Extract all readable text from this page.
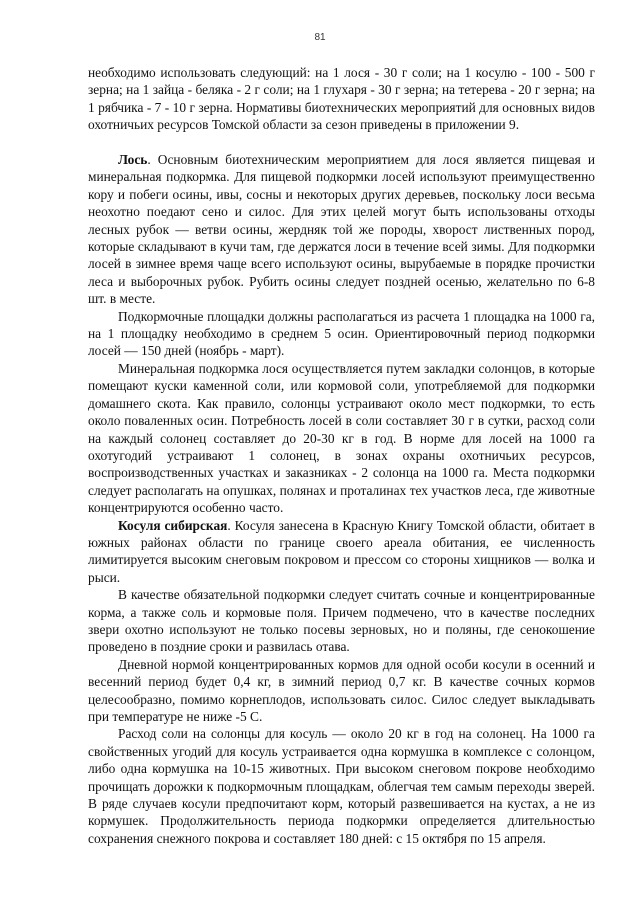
81

необходимо использовать следующий: на 1 лося - 30 г соли; на 1 косулю - 100 - 500 г зерна; на 1 зайца - беляка - 2 г соли; на 1 глухаря - 30 г зерна; на тетерева - 20 г зерна; на 1 рябчика - 7 - 10 г зерна. Нормативы биотехнических мероприятий для основных видов охотничьих ресурсов Томской области за сезон приведены в приложении 9.

Лось. Основным биотехническим мероприятием для лося является пищевая и минеральная подкормка. Для пищевой подкормки лосей используют преимущественно кору и побеги осины, ивы, сосны и некоторых других деревьев, поскольку лоси весьма неохотно поедают сено и силос. Для этих целей могут быть использованы отходы лесных рубок — ветви осины, жердняк той же породы, хворост лиственных пород, которые складывают в кучи там, где держатся лоси в течение всей зимы. Для подкормки лосей в зимнее время чаще всего используют осины, вырубаемые в порядке прочистки леса и выборочных рубок. Рубить осины следует поздней осенью, желательно по 6-8 шт. в месте.

Подкормочные площадки должны располагаться из расчета 1 площадка на 1000 га, на 1 площадку необходимо в среднем 5 осин. Ориентировочный период подкормки лосей — 150 дней (ноябрь - март).

Минеральная подкормка лося осуществляется путем закладки солонцов, в которые помещают куски каменной соли, или кормовой соли, употребляемой для подкормки домашнего скота. Как правило, солонцы устраивают около мест подкормки, то есть около поваленных осин. Потребность лосей в соли составляет 30 г в сутки, расход соли на каждый солонец составляет до 20-30 кг в год. В норме для лосей на 1000 га охотугодий устраивают 1 солонец, в зонах охраны охотничьих ресурсов, воспроизводственных участках и заказниках - 2 солонца на 1000 га. Места подкормки следует располагать на опушках, полянах и проталинах тех участков леса, где животные концентрируются особенно часто.

Косуля сибирская. Косуля занесена в Красную Книгу Томской области, обитает в южных районах области по границе своего ареала обитания, ее численность лимитируется высоким снеговым покровом и прессом со стороны хищников — волка и рыси.

В качестве обязательной подкормки следует считать сочные и концентрированные корма, а также соль и кормовые поля. Причем подмечено, что в качестве последних звери охотно используют не только посевы зерновых, но и поляны, где сенокошение проведено в поздние сроки и развилась отава.

Дневной нормой концентрированных кормов для одной особи косули в осенний и весенний период будет 0,4 кг, в зимний период 0,7 кг. В качестве сочных кормов целесообразно, помимо корнеплодов, использовать силос. Силос следует выкладывать при температуре не ниже -5 С.

Расход соли на солонцы для косуль — около 20 кг в год на солонец. На 1000 га свойственных угодий для косуль устраивается одна кормушка в комплексе с солонцом, либо одна кормушка на 10-15 животных. При высоком снеговом покрове необходимо прочищать дорожки к подкормочным площадкам, облегчая тем самым переходы зверей. В ряде случаев косули предпочитают корм, который развешивается на кустах, а не из кормушек. Продолжительность периода подкормки определяется длительностью сохранения снежного покрова и составляет 180 дней: с 15 октября по 15 апреля.
